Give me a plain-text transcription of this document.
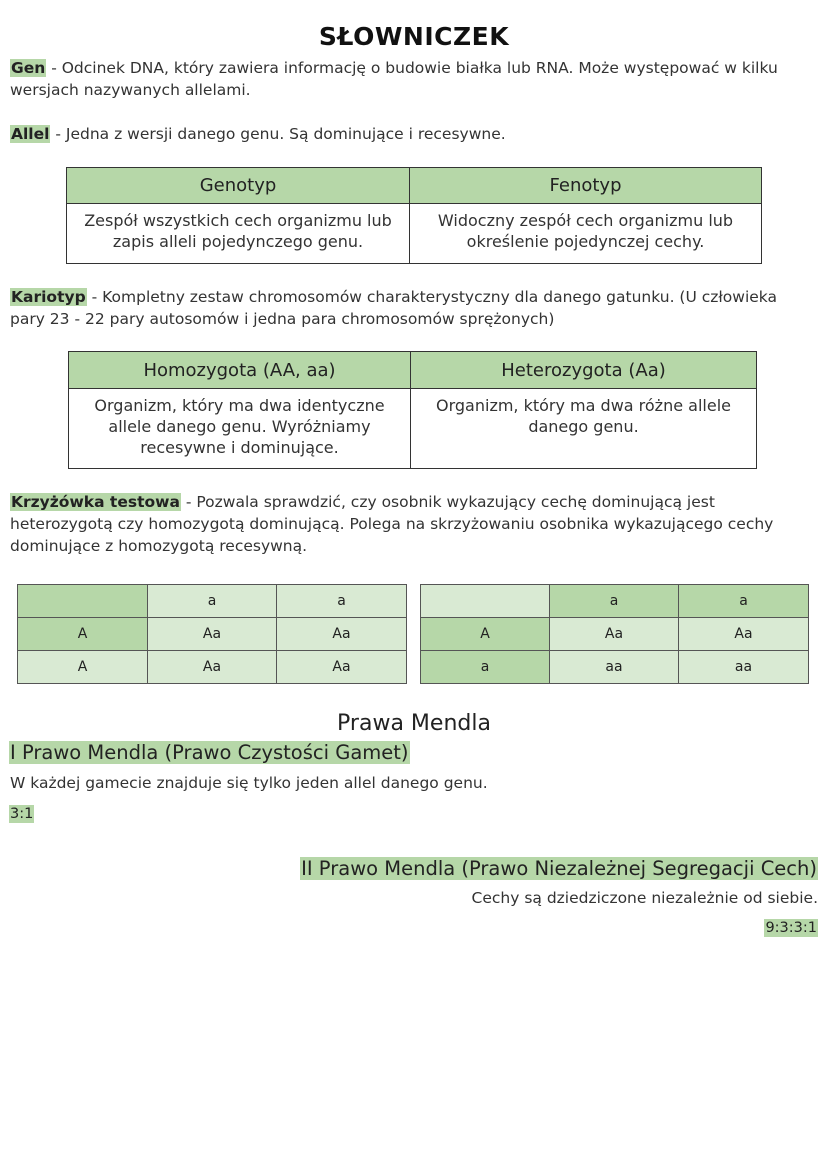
SŁOWNICZEK
Gen - Odcinek DNA, który zawiera informację o budowie białka lub RNA. Może występować w kilku wersjach nazywanych allelami.
Allel - Jedna z wersji danego genu. Są dominujące i recesywne.
Genotyp	Fenotyp
Zespół wszystkich cech organizmu lub zapis alleli pojedynczego genu.	Widoczny zespół cech organizmu lub określenie pojedynczej cechy.
Kariotyp - Kompletny zestaw chromosomów charakterystyczny dla danego gatunku. (U człowieka pary 23 - 22 pary autosomów i jedna para chromosomów sprężonych)
Homozygota (AA, aa)	Heterozygota (Aa)
Organizm, który ma dwa identyczne allele danego genu. Wyróżniamy recesywne i dominujące.	Organizm, który ma dwa różne allele danego genu.
Krzyżówka testowa - Pozwala sprawdzić, czy osobnik wykazujący cechę dominującą jest heterozygotą czy homozygotą dominującą. Polega na skrzyżowaniu osobnika wykazującego cechy dominujące z homozygotą recesywną.
	a	a
A	Aa	Aa
A	Aa	Aa
	a	a
A	Aa	Aa
a	aa	aa
Prawa Mendla
I Prawo Mendla (Prawo Czystości Gamet)
W każdej gamecie znajduje się tylko jeden allel danego genu.
3:1
II Prawo Mendla (Prawo Niezależnej Segregacji Cech)
Cechy są dziedziczone niezależnie od siebie.
9:3:3:1
